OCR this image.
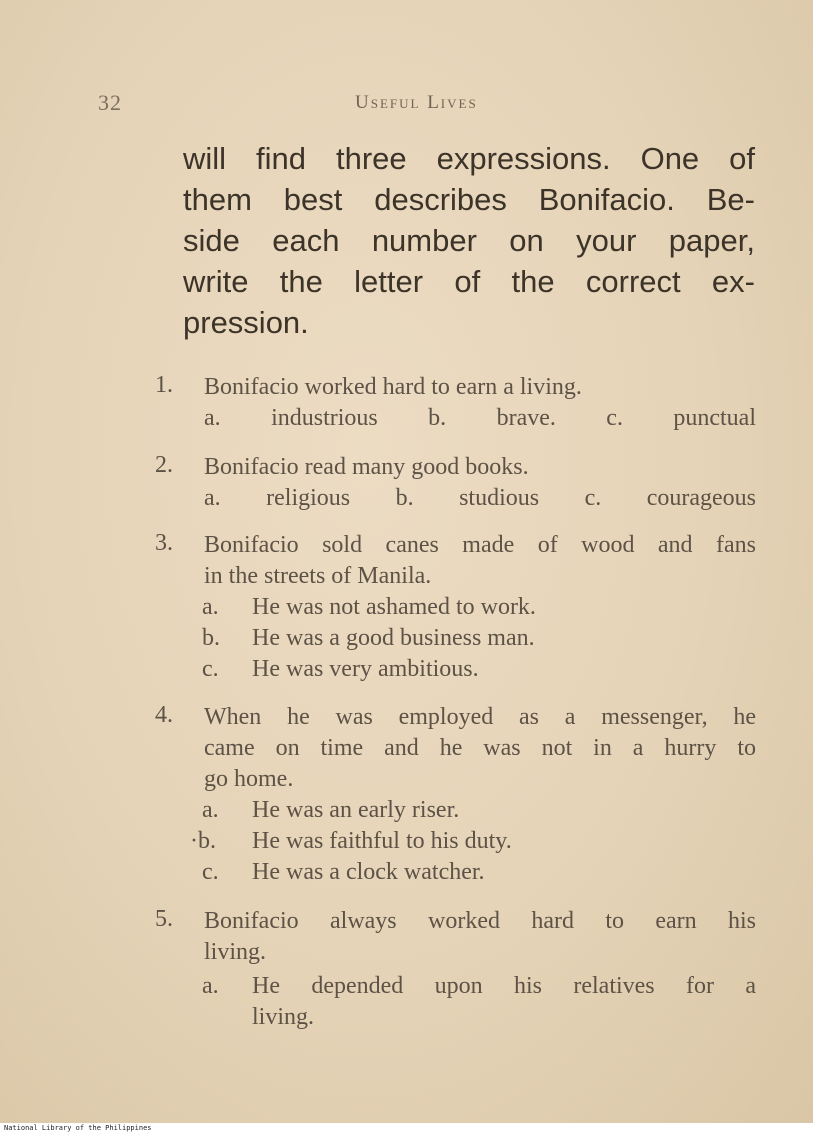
32	Useful Lives
will find three expressions. One of
them best describes Bonifacio. Be-
side each number on your paper,
write the letter of the correct ex-
pression.
1.	Bonifacio worked hard to earn a living.
a. industrious b. brave. c. punctual
2.	Bonifacio read many good books.
a. religious b. studious c. courageous
3.	Bonifacio sold canes made of wood and fans
in the streets of Manila.
a.	He was not ashamed to work.
b.	He was a good business man.
c.	He was very ambitious.
4.	When he was employed as a messenger, he
came on time and he was not in a hurry to
go home.
a.	He was an early riser.
·b.	He was faithful to his duty.
c.	He was a clock watcher.
5.	Bonifacio always worked hard to earn his
living.
a.	He depended upon his relatives for a
living.
National Library of the Philippines
